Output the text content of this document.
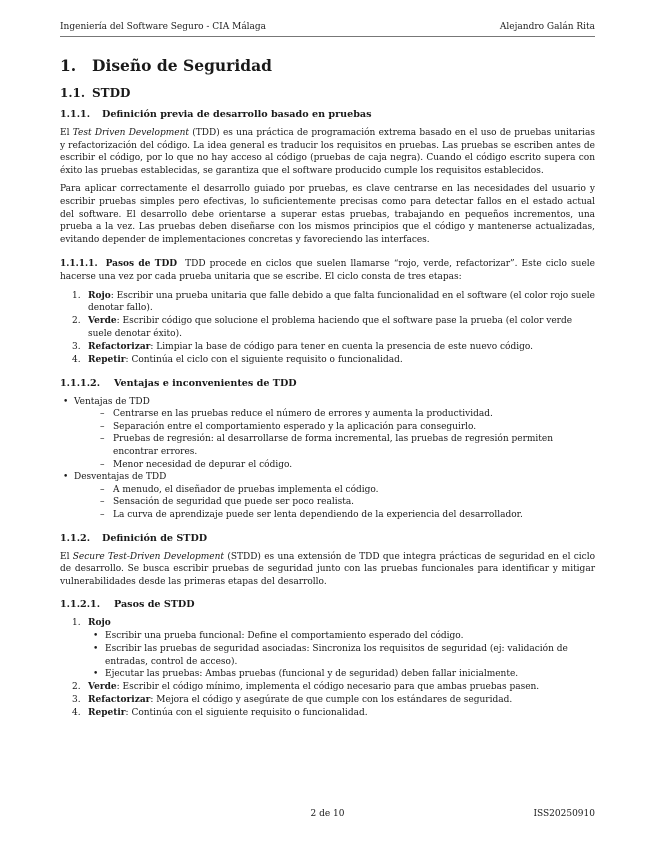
Ingeniería del Software Seguro - CIA Málaga	Alejandro Galán Rita
1. Diseño de Seguridad
1.1. STDD
1.1.1. Definición previa de desarrollo basado en pruebas

El Test Driven Development (TDD) es una práctica de programación extrema basado en el uso de pruebas unitarias y refactorización del código. La idea general es traducir los requisitos en pruebas. Las pruebas se escriben antes de escribir el código, por lo que no hay acceso al código (pruebas de caja negra). Cuando el código escrito supera con éxito las pruebas establecidas, se garantiza que el software producido cumple los requisitos establecidos.

Para aplicar correctamente el desarrollo guiado por pruebas, es clave centrarse en las necesidades del usuario y escribir pruebas simples pero efectivas, lo suficientemente precisas como para detectar fallos en el estado actual del software. El desarrollo debe orientarse a superar estas pruebas, trabajando en pequeños incrementos, una prueba a la vez. Las pruebas deben diseñarse con los mismos principios que el código y mantenerse actualizadas, evitando depender de implementaciones concretas y favoreciendo las interfaces.

1.1.1.1. Pasos de TDD TDD procede en ciclos que suelen llamarse “rojo, verde, refactorizar”. Este ciclo suele hacerse una vez por cada prueba unitaria que se escribe. El ciclo consta de tres etapas:

1. Rojo: Escribir una prueba unitaria que falle debido a que falta funcionalidad en el software (el color rojo suele denotar fallo).
2. Verde: Escribir código que solucione el problema haciendo que el software pase la prueba (el color verde suele denotar éxito).
3. Refactorizar: Limpiar la base de código para tener en cuenta la presencia de este nuevo código.
4. Repetir: Continúa el ciclo con el siguiente requisito o funcionalidad.
1.1.1.2. Ventajas e inconvenientes de TDD
• Ventajas de TDD
– Centrarse en las pruebas reduce el número de errores y aumenta la productividad.
– Separación entre el comportamiento esperado y la aplicación para conseguirlo.
– Pruebas de regresión: al desarrollarse de forma incremental, las pruebas de regresión permiten encontrar errores.
– Menor necesidad de depurar el código.
• Desventajas de TDD
– A menudo, el diseñador de pruebas implementa el código.
– Sensación de seguridad que puede ser poco realista.
– La curva de aprendizaje puede ser lenta dependiendo de la experiencia del desarrollador.
1.1.2. Definición de STDD

El Secure Test-Driven Development (STDD) es una extensión de TDD que integra prácticas de seguridad en el ciclo de desarrollo. Se busca escribir pruebas de seguridad junto con las pruebas funcionales para identificar y mitigar vulnerabilidades desde las primeras etapas del desarrollo.

1.1.2.1. Pasos de STDD
1. Rojo
• Escribir una prueba funcional: Define el comportamiento esperado del código.
• Escribir las pruebas de seguridad asociadas: Sincroniza los requisitos de seguridad (ej: validación de entradas, control de acceso).
• Ejecutar las pruebas: Ambas pruebas (funcional y de seguridad) deben fallar inicialmente.
2. Verde: Escribir el código mínimo, implementa el código necesario para que ambas pruebas pasen.
3. Refactorizar: Mejora el código y asegúrate de que cumple con los estándares de seguridad.
4. Repetir: Continúa con el siguiente requisito o funcionalidad.
2 de 10	ISS20250910
